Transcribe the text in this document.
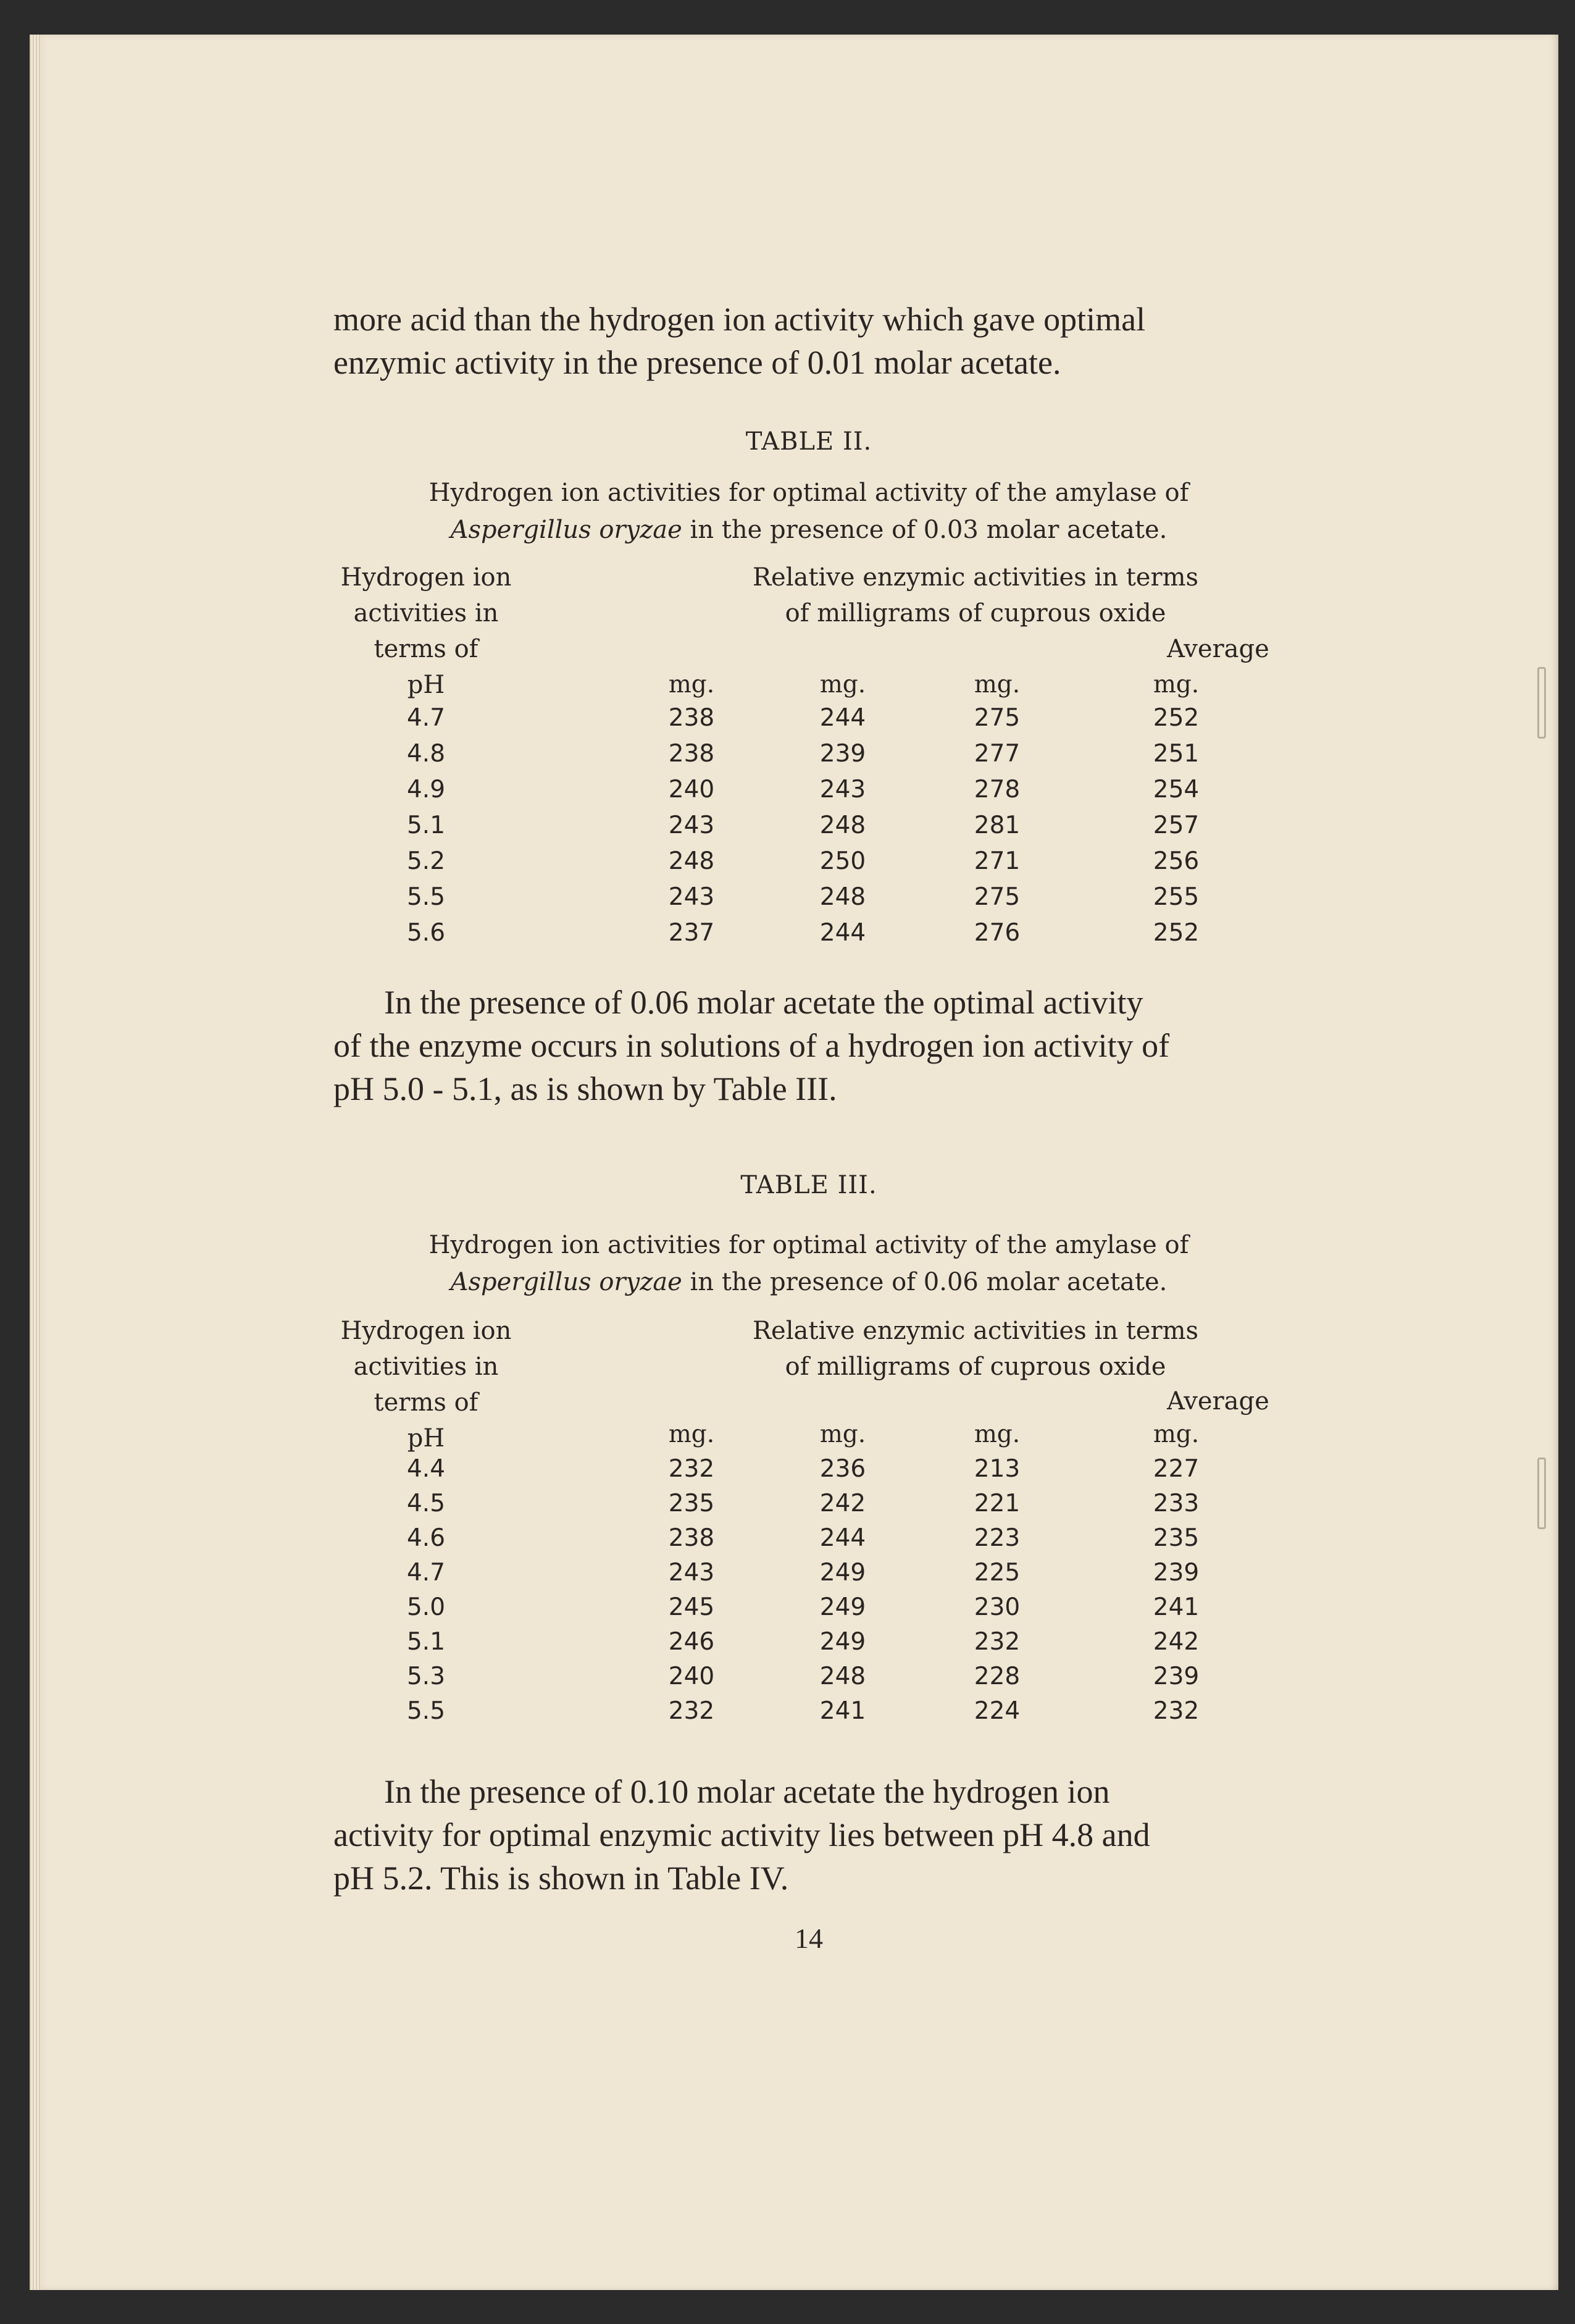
more acid than the hydrogen ion activity which gave optimal
enzymic activity in the presence of 0.01 molar acetate.
TABLE II.
Hydrogen ion activities for optimal activity of the amylase of
Aspergillus oryzae in the presence of 0.03 molar acetate.
Hydrogen ion
activities in
terms of
Relative enzymic activities in terms
of milligrams of cuprous oxide
Average
pH	mg.	mg.	mg.	mg.
4.7	238	244	275	252
4.8	238	239	277	251
4.9	240	243	278	254
5.1	243	248	281	257
5.2	248	250	271	256
5.5	243	248	275	255
5.6	237	244	276	252
In the presence of 0.06 molar acetate the optimal activity
of the enzyme occurs in solutions of a hydrogen ion activity of
pH 5.0 - 5.1, as is shown by Table III.
TABLE III.
Hydrogen ion activities for optimal activity of the amylase of
Aspergillus oryzae in the presence of 0.06 molar acetate.
Hydrogen ion
activities in
terms of
Relative enzymic activities in terms
of milligrams of cuprous oxide
Average
pH	mg.	mg.	mg.	mg.
4.4	232	236	213	227
4.5	235	242	221	233
4.6	238	244	223	235
4.7	243	249	225	239
5.0	245	249	230	241
5.1	246	249	232	242
5.3	240	248	228	239
5.5	232	241	224	232
In the presence of 0.10 molar acetate the hydrogen ion
activity for optimal enzymic activity lies between pH 4.8 and
pH 5.2. This is shown in Table IV.
14
